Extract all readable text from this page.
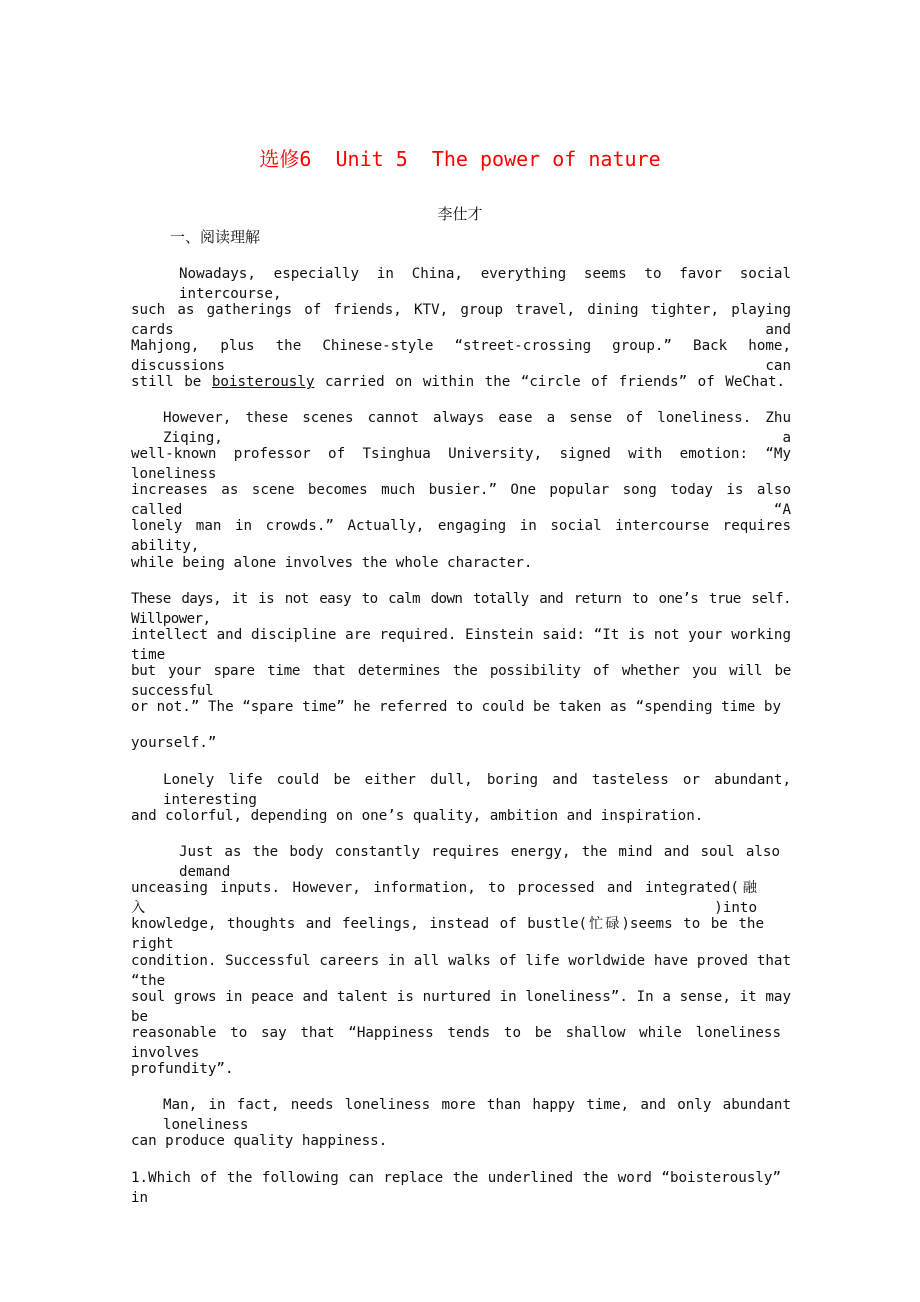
选修6  Unit 5  The power of nature
李仕才
一、阅读理解
Nowadays, especially in China, everything seems to favor social intercourse,
such as gatherings of friends, KTV, group travel, dining tighter, playing cards and
Mahjong, plus the Chinese-style “street-crossing group.” Back home, discussions can
still be boisterously carried on within the “circle of friends” of WeChat.
However, these scenes cannot always ease a sense of loneliness. Zhu Ziqing, a
well-known professor of Tsinghua University, signed with emotion: “My loneliness
increases as scene becomes much busier.” One popular song today is also called “A
lonely man in crowds.” Actually, engaging in social intercourse requires ability,
while being alone involves the whole character.
These days, it is not easy to calm down totally and return to one’s true self. Willpower,
intellect and discipline are required. Einstein said: “It is not your working time
but your spare time that determines the possibility of whether you will be successful
or not.” The “spare time” he referred to could be taken as “spending time by
yourself.”
Lonely life could be either dull, boring and tasteless or abundant, interesting
and colorful, depending on one’s quality, ambition and inspiration.
Just as the body constantly requires energy, the mind and soul also demand
unceasing inputs. However, information, to processed and integrated(融入)into
knowledge, thoughts and feelings, instead of bustle(忙碌)seems to be the right
condition. Successful careers in all walks of life worldwide have proved that “the
soul grows in peace and talent is nurtured in loneliness”. In a sense, it may be
reasonable to say that “Happiness tends to be shallow while loneliness involves
profundity”.
Man, in fact, needs loneliness more than happy time, and only abundant loneliness
can produce quality happiness.
1.Which of the following can replace the underlined the word “boisterously” in
